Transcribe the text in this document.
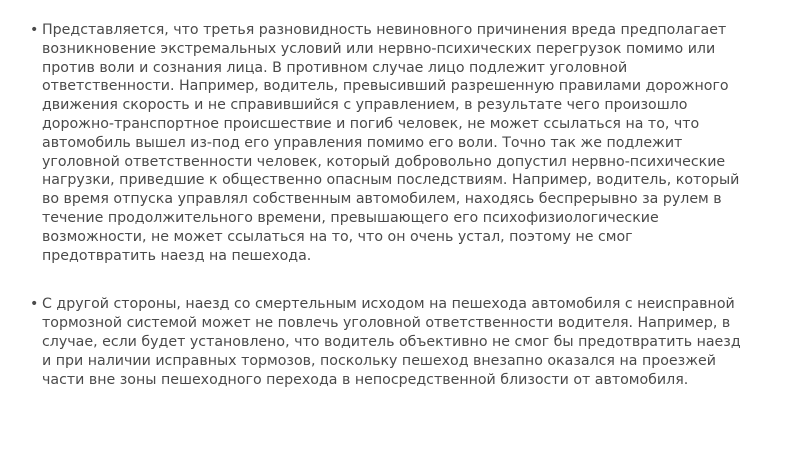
• Представляется, что третья разновидность невиновного причинения вреда предполагает возникновение экстремальных условий или нервно-психических перегрузок помимо или против воли и сознания лица. В противном случае лицо подлежит уголовной ответственности. Например, водитель, превысивший разрешенную правилами дорожного движения скорость и не справившийся с управлением, в результате чего произошло дорожно-транспортное происшествие и погиб человек, не может ссылаться на то, что автомобиль вышел из-под его управления помимо его воли. Точно так же подлежит уголовной ответственности человек, который добровольно допустил нервно-психические нагрузки, приведшие к общественно опасным последствиям. Например, водитель, который во время отпуска управлял собственным автомобилем, находясь беспрерывно за рулем в течение продолжительного времени, превышающего его психофизиологические возможности, не может ссылаться на то, что он очень устал, поэтому не смог предотвратить наезд на пешехода.
• С другой стороны, наезд со смертельным исходом на пешехода автомобиля с неисправной тормозной системой может не повлечь уголовной ответственности водителя. Например, в случае, если будет установлено, что водитель объективно не смог бы предотвратить наезд и при наличии исправных тормозов, поскольку пешеход внезапно оказался на проезжей части вне зоны пешеходного перехода в непосредственной близости от автомобиля.
